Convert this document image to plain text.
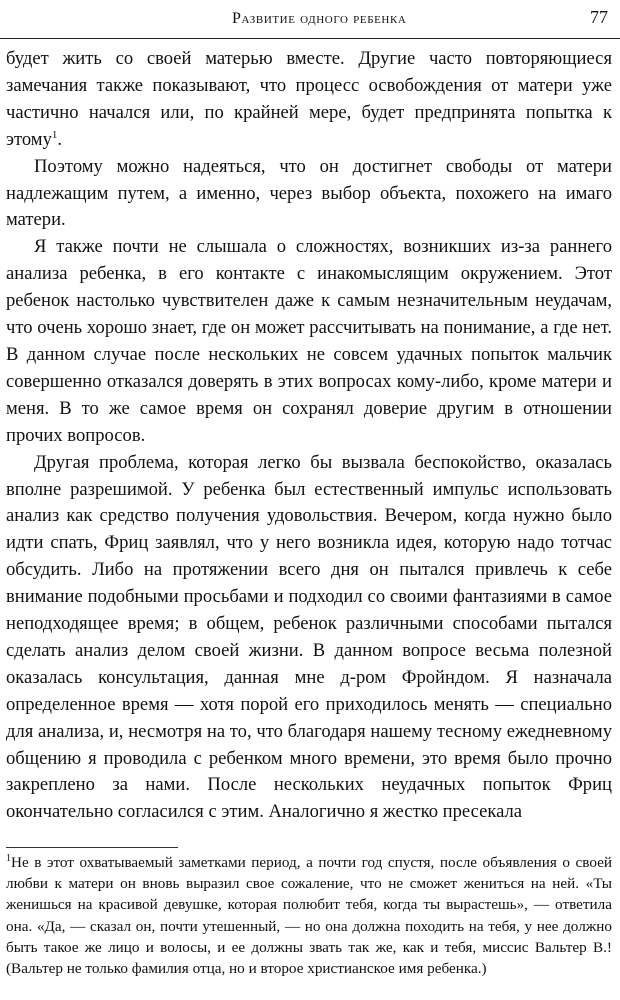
Развитие одного ребенка	77

будет жить со своей матерью вместе. Другие часто повторяющиеся замечания также показывают, что процесс освобождения от матери уже частично начался или, по крайней мере, будет предпринята попытка к этому$^1$.

Поэтому можно надеяться, что он достигнет свободы от матери надлежащим путем, а именно, через выбор объекта, похожего на имаго матери.

Я также почти не слышала о сложностях, возникших из-за раннего анализа ребенка, в его контакте с инакомыслящим окружением. Этот ребенок настолько чувствителен даже к самым незначительным неудачам, что очень хорошо знает, где он может рассчитывать на понимание, а где нет. В данном случае после нескольких не совсем удачных попыток мальчик совершенно отказался доверять в этих вопросах кому-либо, кроме матери и меня. В то же самое время он сохранял доверие другим в отношении прочих вопросов.

Другая проблема, которая легко бы вызвала беспокойство, оказалась вполне разрешимой. У ребенка был естественный импульс использовать анализ как средство получения удовольствия. Вечером, когда нужно было идти спать, Фриц заявлял, что у него возникла идея, которую надо тотчас обсудить. Либо на протяжении всего дня он пытался привлечь к себе внимание подобными просьбами и подходил со своими фантазиями в самое неподходящее время; в общем, ребенок различными способами пытался сделать анализ делом своей жизни. В данном вопросе весьма полезной оказалась консультация, данная мне д-ром Фройндом. Я назначала определенное время — хотя порой его приходилось менять — специально для анализа, и, несмотря на то, что благодаря нашему тесному ежедневному общению я проводила с ребенком много времени, это время было прочно закреплено за нами. После нескольких неудачных попыток Фриц окончательно согласился с этим. Аналогично я жестко пресекала

$^1$Не в этот охватываемый заметками период, а почти год спустя, после объявления о своей любви к матери он вновь выразил свое сожаление, что не сможет жениться на ней. «Ты женишься на красивой девушке, которая полюбит тебя, когда ты вырастешь», — ответила она. «Да, — сказал он, почти утешенный, — но она должна походить на тебя, у нее должно быть такое же лицо и волосы, и ее должны звать так же, как и тебя, миссис Вальтер В.! (Вальтер не только фамилия отца, но и второе христианское имя ребенка.)
